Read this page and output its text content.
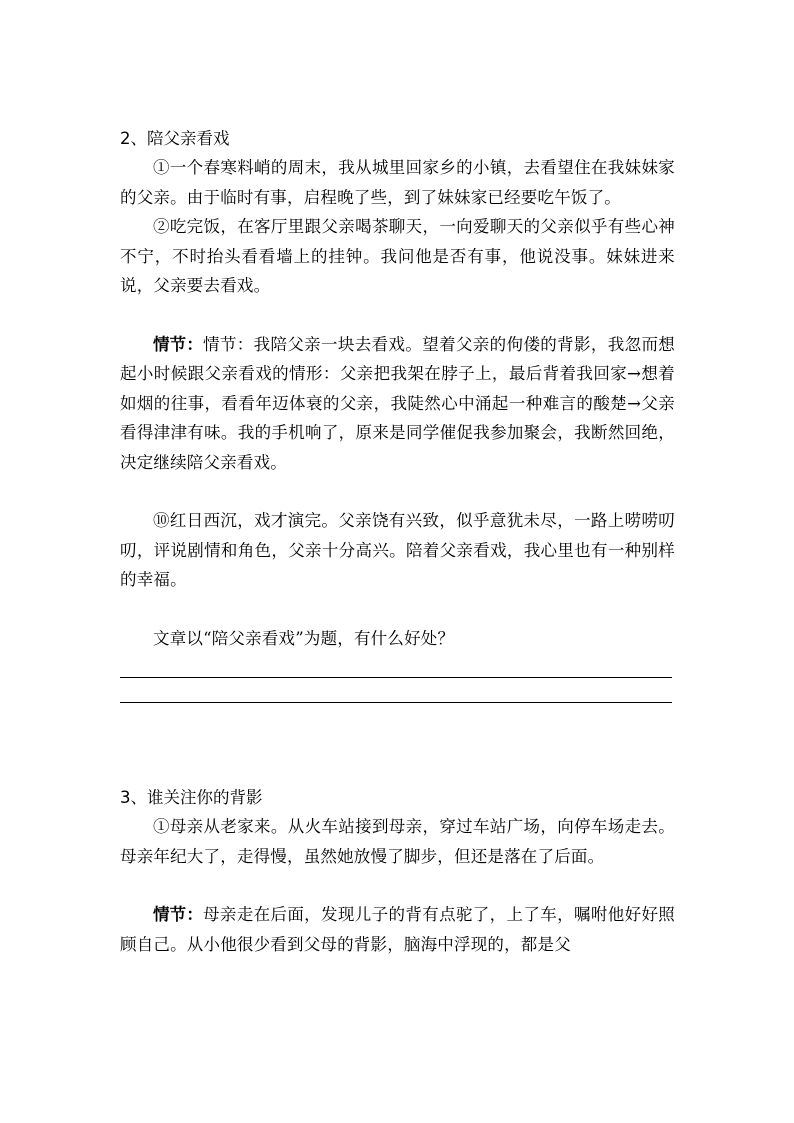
2、陪父亲看戏

①一个春寒料峭的周末，我从城里回家乡的小镇，去看望住在我妹妹家的父亲。由于临时有事，启程晚了些，到了妹妹家已经要吃午饭了。

②吃完饭，在客厅里跟父亲喝茶聊天，一向爱聊天的父亲似乎有些心神不宁，不时抬头看看墙上的挂钟。我问他是否有事，他说没事。妹妹进来说，父亲要去看戏。

情节：情节：我陪父亲一块去看戏。望着父亲的佝偻的背影，我忽而想起小时候跟父亲看戏的情形：父亲把我架在脖子上，最后背着我回家→想着如烟的往事，看看年迈体衰的父亲，我陡然心中涌起一种难言的酸楚→父亲看得津津有味。我的手机响了，原来是同学催促我参加聚会，我断然回绝，决定继续陪父亲看戏。

⑩红日西沉，戏才演完。父亲饶有兴致，似乎意犹未尽，一路上唠唠叨叨，评说剧情和角色，父亲十分高兴。陪着父亲看戏，我心里也有一种别样的幸福。

文章以“陪父亲看戏”为题，有什么好处？

3、谁关注你的背影

①母亲从老家来。从火车站接到母亲，穿过车站广场，向停车场走去。母亲年纪大了，走得慢，虽然她放慢了脚步，但还是落在了后面。

情节：母亲走在后面，发现儿子的背有点驼了，上了车，嘱咐他好好照顾自己。从小他很少看到父母的背影，脑海中浮现的，都是父
